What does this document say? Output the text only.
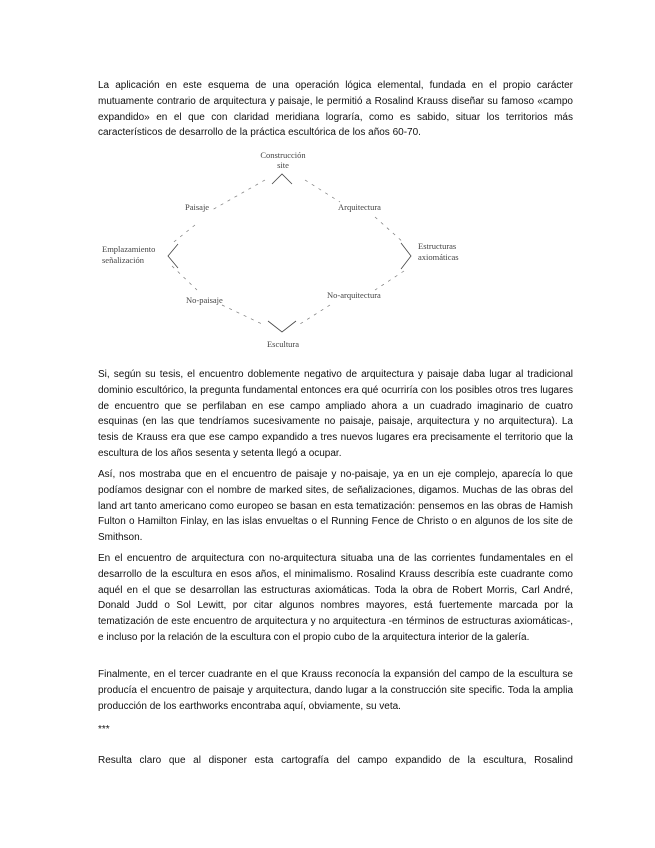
La aplicación en este esquema de una operación lógica elemental, fundada en el propio carácter mutuamente contrario de arquitectura y paisaje, le permitió a Rosalind Krauss diseñar su famoso «campo expandido» en el que con claridad meridiana lograría, como es sabido, situar los territorios más característicos de desarrollo de la práctica escultórica de los años 60-70.

Construcción
site
Paisaje	Arquitectura
Emplazamiento
señalización
Estructuras
axiomáticas
No-paisaje	No-arquitectura
Escultura

Si, según su tesis, el encuentro doblemente negativo de arquitectura y paisaje daba lugar al tradicional dominio escultórico, la pregunta fundamental entonces era qué ocurriría con los posibles otros tres lugares de encuentro que se perfilaban en ese campo ampliado ahora a un cuadrado imaginario de cuatro esquinas (en las que tendríamos sucesivamente no paisaje, paisaje, arquitectura y no arquitectura). La tesis de Krauss era que ese campo expandido a tres nuevos lugares era precisamente el territorio que la escultura de los años sesenta y setenta llegó a ocupar.

Así, nos mostraba que en el encuentro de paisaje y no-paisaje, ya en un eje complejo, aparecía lo que podíamos designar con el nombre de marked sites, de señalizaciones, digamos. Muchas de las obras del land art tanto americano como europeo se basan en esta tematización: pensemos en las obras de Hamish Fulton o Hamilton Finlay, en las islas envueltas o el Running Fence de Christo o en algunos de los site de Smithson.

En el encuentro de arquitectura con no-arquitectura situaba una de las corrientes fundamentales en el desarrollo de la escultura en esos años, el minimalismo. Rosalind Krauss describía este cuadrante como aquél en el que se desarrollan las estructuras axiomáticas. Toda la obra de Robert Morris, Carl André, Donald Judd o Sol Lewitt, por citar algunos nombres mayores, está fuertemente marcada por la tematización de este encuentro de arquitectura y no arquitectura -en términos de estructuras axiomáticas-, e incluso por la relación de la escultura con el propio cubo de la arquitectura interior de la galería.

Finalmente, en el tercer cuadrante en el que Krauss reconocía la expansión del campo de la escultura se producía el encuentro de paisaje y arquitectura, dando lugar a la construcción site specific. Toda la amplia producción de los earthworks encontraba aquí, obviamente, su veta.

***

Resulta claro que al disponer esta cartografía del campo expandido de la escultura, Rosalind
